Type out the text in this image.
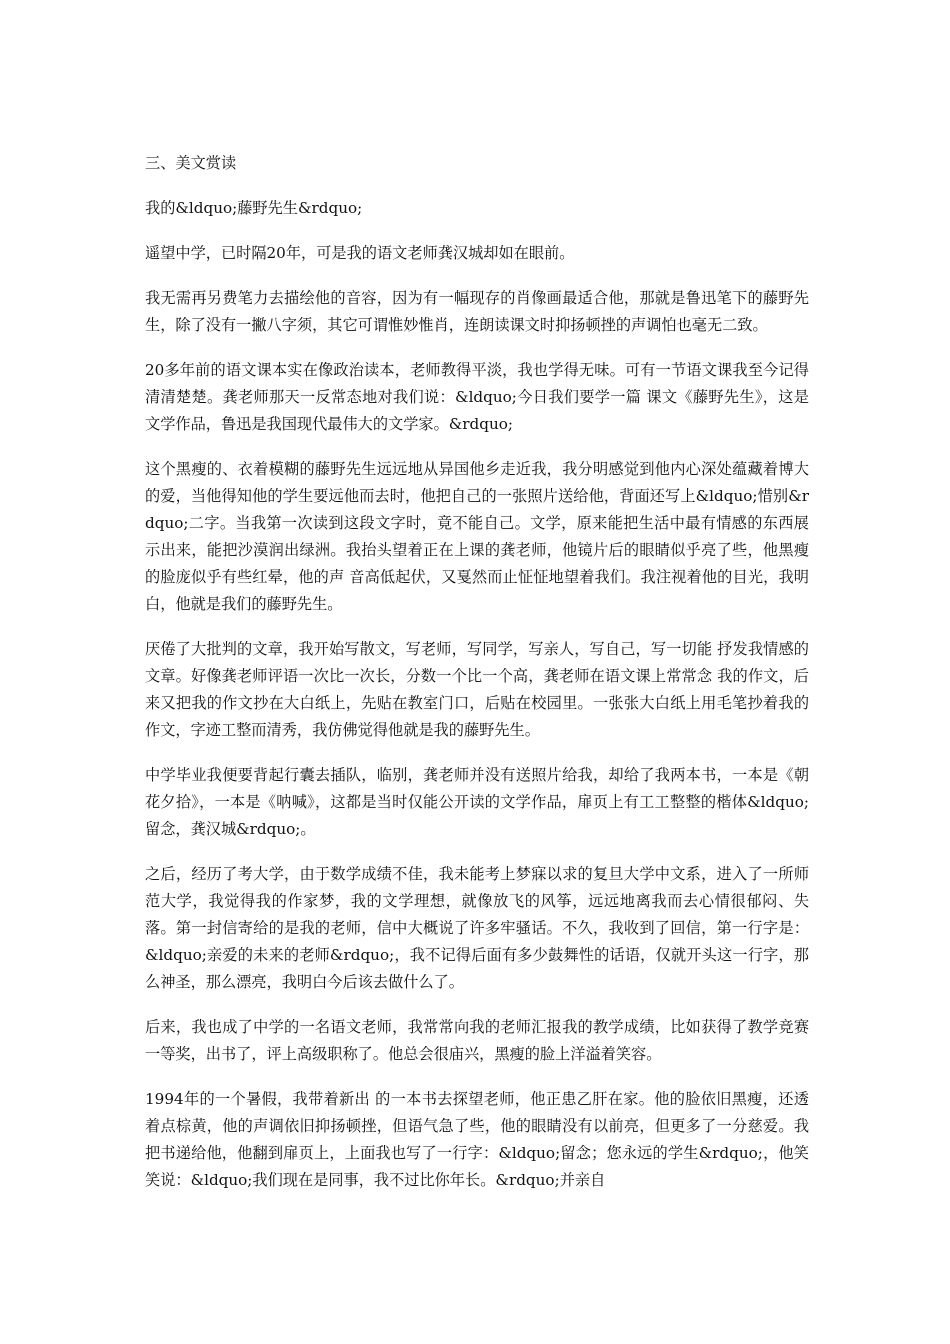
三、美文赏读

我的&ldquo;藤野先生&rdquo;

遥望中学，已时隔20年，可是我的语文老师龚汉城却如在眼前。

我无需再另费笔力去描绘他的音容，因为有一幅现存的肖像画最适合他，那就是鲁迅笔下的藤野先生，除了没有一撇八字须，其它可谓惟妙惟肖，连朗读课文时抑扬顿挫的声调怕也毫无二致。

20多年前的语文课本实在像政治读本，老师教得平淡，我也学得无味。可有一节语文课我至今记得清清楚楚。龚老师那天一反常态地对我们说：&ldquo;今日我们要学一篇 课文《藤野先生》，这是文学作品，鲁迅是我国现代最伟大的文学家。&rdquo;

这个黑瘦的、衣着模糊的藤野先生远远地从异国他乡走近我，我分明感觉到他内心深处蕴藏着博大的爱，当他得知他的学生要远他而去时，他把自己的一张照片送给他，背面还写上&ldquo;惜别&rdquo;二字。当我第一次读到这段文字时，竟不能自己。文学，原来能把生活中最有情感的东西展示出来，能把沙漠润出绿洲。我抬头望着正在上课的龚老师，他镜片后的眼睛似乎亮了些，他黑瘦的脸庞似乎有些红晕，他的声 音高低起伏，又戛然而止怔怔地望着我们。我注视着他的目光，我明白，他就是我们的藤野先生。

厌倦了大批判的文章，我开始写散文，写老师，写同学，写亲人，写自己，写一切能 抒发我情感的文章。好像龚老师评语一次比一次长，分数一个比一个高，龚老师在语文课上常常念 我的作文，后来又把我的作文抄在大白纸上，先贴在教室门口，后贴在校园里。一张张大白纸上用毛笔抄着我的作文，字迹工整而清秀，我仿佛觉得他就是我的藤野先生。

中学毕业我便要背起行囊去插队，临别，龚老师并没有送照片给我，却给了我两本书，一本是《朝花夕拾》，一本是《呐喊》，这都是当时仅能公开读的文学作品，扉页上有工工整整的楷体&ldquo;留念，龚汉城&rdquo;。

之后，经历了考大学，由于数学成绩不佳，我未能考上梦寐以求的复旦大学中文系，进入了一所师范大学，我觉得我的作家梦，我的文学理想，就像放飞的风筝，远远地离我而去心情很郁闷、失落。第一封信寄给的是我的老师，信中大概说了许多牢骚话。不久，我收到了回信，第一行字是：&ldquo;亲爱的未来的老师&rdquo;，我不记得后面有多少鼓舞性的话语，仅就开头这一行字，那么神圣，那么漂亮，我明白今后该去做什么了。

后来，我也成了中学的一名语文老师，我常常向我的老师汇报我的教学成绩，比如获得了教学竞赛一等奖，出书了，评上高级职称了。他总会很庙兴，黑瘦的脸上洋溢着笑容。

1994年的一个暑假，我带着新出 的一本书去探望老师，他正患乙肝在家。他的脸依旧黑瘦，还透着点棕黄，他的声调依旧抑扬顿挫，但语气急了些，他的眼睛没有以前亮，但更多了一分慈爱。我把书递给他，他翻到扉页上，上面我也写了一行字：&ldquo;留念；您永远的学生&rdquo;，他笑笑说：&ldquo;我们现在是同事，我不过比你年长。&rdquo;并亲自
